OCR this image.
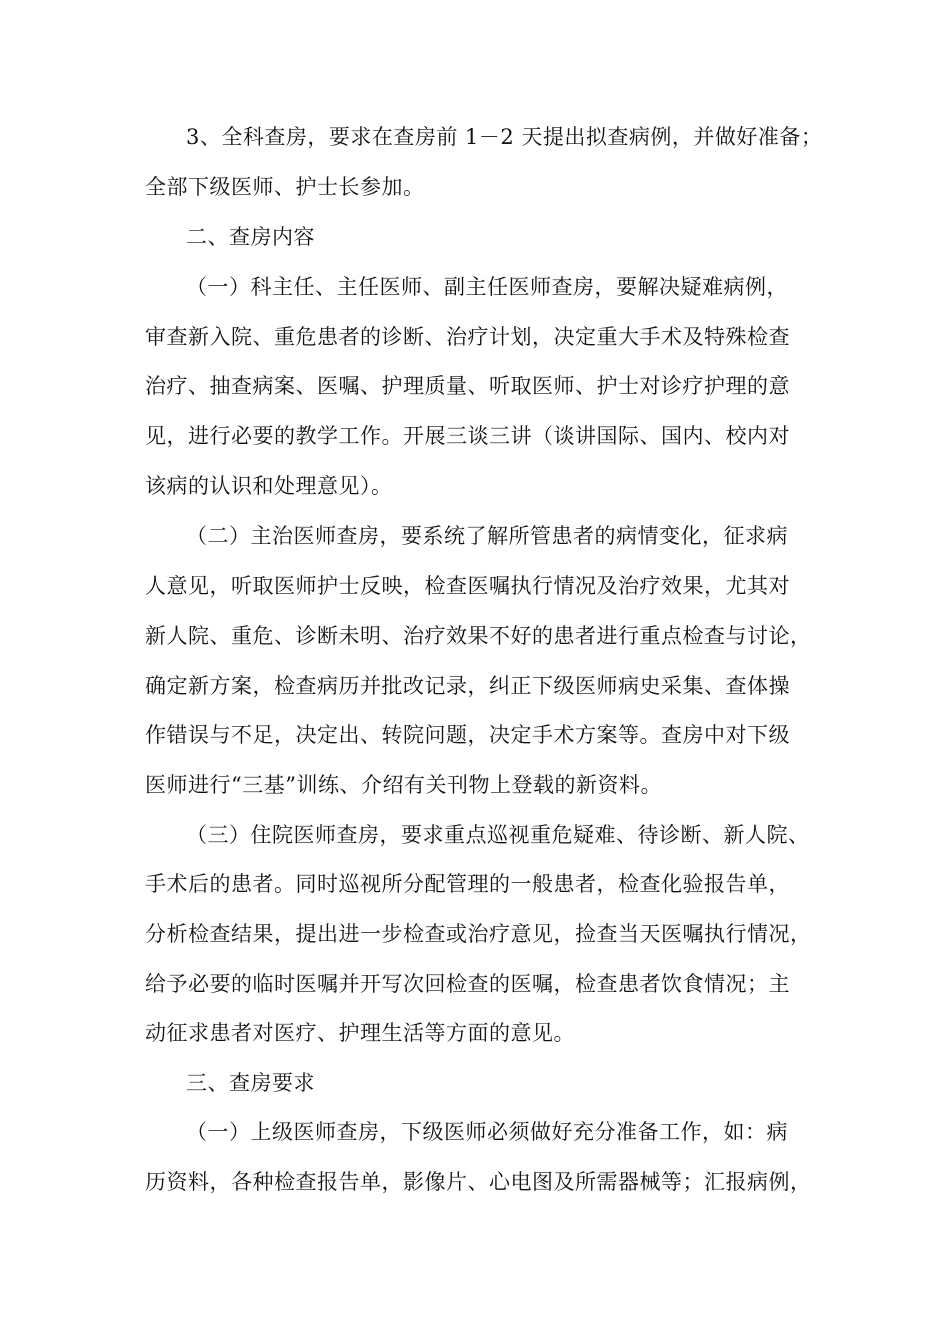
3、全科查房，要求在查房前 1－2 天提出拟查病例，并做好准备；
全部下级医师、护士长参加。
二、查房内容
（一）科主任、主任医师、副主任医师查房，要解决疑难病例，
审查新入院、重危患者的诊断、治疗计划，决定重大手术及特殊检查
治疗、抽查病案、医嘱、护理质量、听取医师、护士对诊疗护理的意
见，进行必要的教学工作。开展三谈三讲（谈讲国际、国内、校内对
该病的认识和处理意见）。
（二）主治医师查房，要系统了解所管患者的病情变化，征求病
人意见，听取医师护士反映，检查医嘱执行情况及治疗效果，尤其对
新人院、重危、诊断未明、治疗效果不好的患者进行重点检查与讨论，
确定新方案，检查病历并批改记录，纠正下级医师病史采集、查体操
作错误与不足，决定出、转院问题，决定手术方案等。查房中对下级
医师进行“三基”训练、介绍有关刊物上登载的新资料。
（三）住院医师查房，要求重点巡视重危疑难、待诊断、新人院、
手术后的患者。同时巡视所分配管理的一般患者，检查化验报告单，
分析检查结果，提出进一步检查或治疗意见，捡查当天医嘱执行情况，
给予必要的临时医嘱并开写次回检查的医嘱，检查患者饮食情况；主
动征求患者对医疗、护理生活等方面的意见。
三、查房要求
（一）上级医师查房，下级医师必须做好充分准备工作，如：病
历资料，各种检查报告单，影像片、心电图及所需器械等；汇报病例，
